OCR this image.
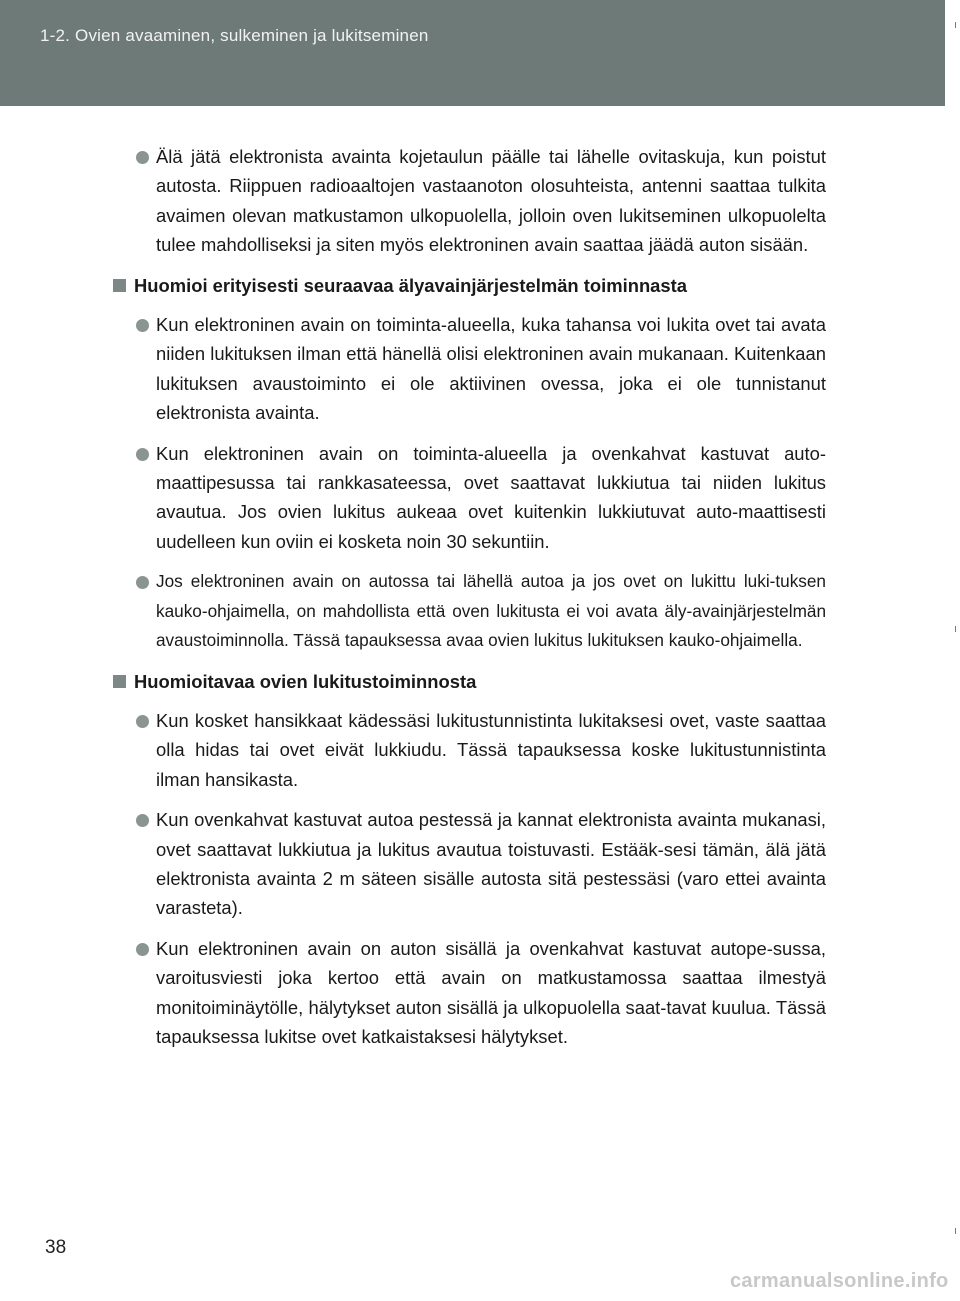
1-2. Ovien avaaminen, sulkeminen ja lukitseminen
Älä jätä elektronista avainta kojetaulun päälle tai lähelle ovitaskuja, kun poistut autosta. Riippuen radioaaltojen vastaanoton olosuhteista, antenni saattaa tulkita avaimen olevan matkustamon ulkopuolella, jolloin oven lukitseminen ulkopuolelta tulee mahdolliseksi ja siten myös elektroninen avain saattaa jäädä auton sisään.
Huomioi erityisesti seuraavaa älyavainjärjestelmän toiminnasta
Kun elektroninen avain on toiminta-alueella, kuka tahansa voi lukita ovet tai avata niiden lukituksen ilman että hänellä olisi elektroninen avain mukanaan. Kuitenkaan lukituksen avaustoiminto ei ole aktiivinen ovessa, joka ei ole tunnistanut elektronista avainta.
Kun elektroninen avain on toiminta-alueella ja ovenkahvat kastuvat auto-maattipesussa tai rankkasateessa, ovet saattavat lukkiutua tai niiden lukitus avautua. Jos ovien lukitus aukeaa ovet kuitenkin lukkiutuvat auto-maattisesti uudelleen kun oviin ei kosketa noin 30 sekuntiin.
Jos elektroninen avain on autossa tai lähellä autoa ja jos ovet on lukittu luki-tuksen kauko-ohjaimella, on mahdollista että oven lukitusta ei voi avata äly-avainjärjestelmän avaustoiminnolla. Tässä tapauksessa avaa ovien lukitus lukituksen kauko-ohjaimella.
Huomioitavaa ovien lukitustoiminnosta
Kun kosket hansikkaat kädessäsi lukitustunnistinta lukitaksesi ovet, vaste saattaa olla hidas tai ovet eivät lukkiudu. Tässä tapauksessa koske lukitustunnistinta ilman hansikasta.
Kun ovenkahvat kastuvat autoa pestessä ja kannat elektronista avainta mukanasi, ovet saattavat lukkiutua ja lukitus avautua toistuvasti. Estääk-sesi tämän, älä jätä elektronista avainta 2 m säteen sisälle autosta sitä pestessäsi (varo ettei avainta varasteta).
Kun elektroninen avain on auton sisällä ja ovenkahvat kastuvat autope-sussa, varoitusviesti joka kertoo että avain on matkustamossa saattaa ilmestyä monitoiminäytölle, hälytykset auton sisällä ja ulkopuolella saat-tavat kuulua. Tässä tapauksessa lukitse ovet katkaistaksesi hälytykset.
38
carmanualsonline.info
